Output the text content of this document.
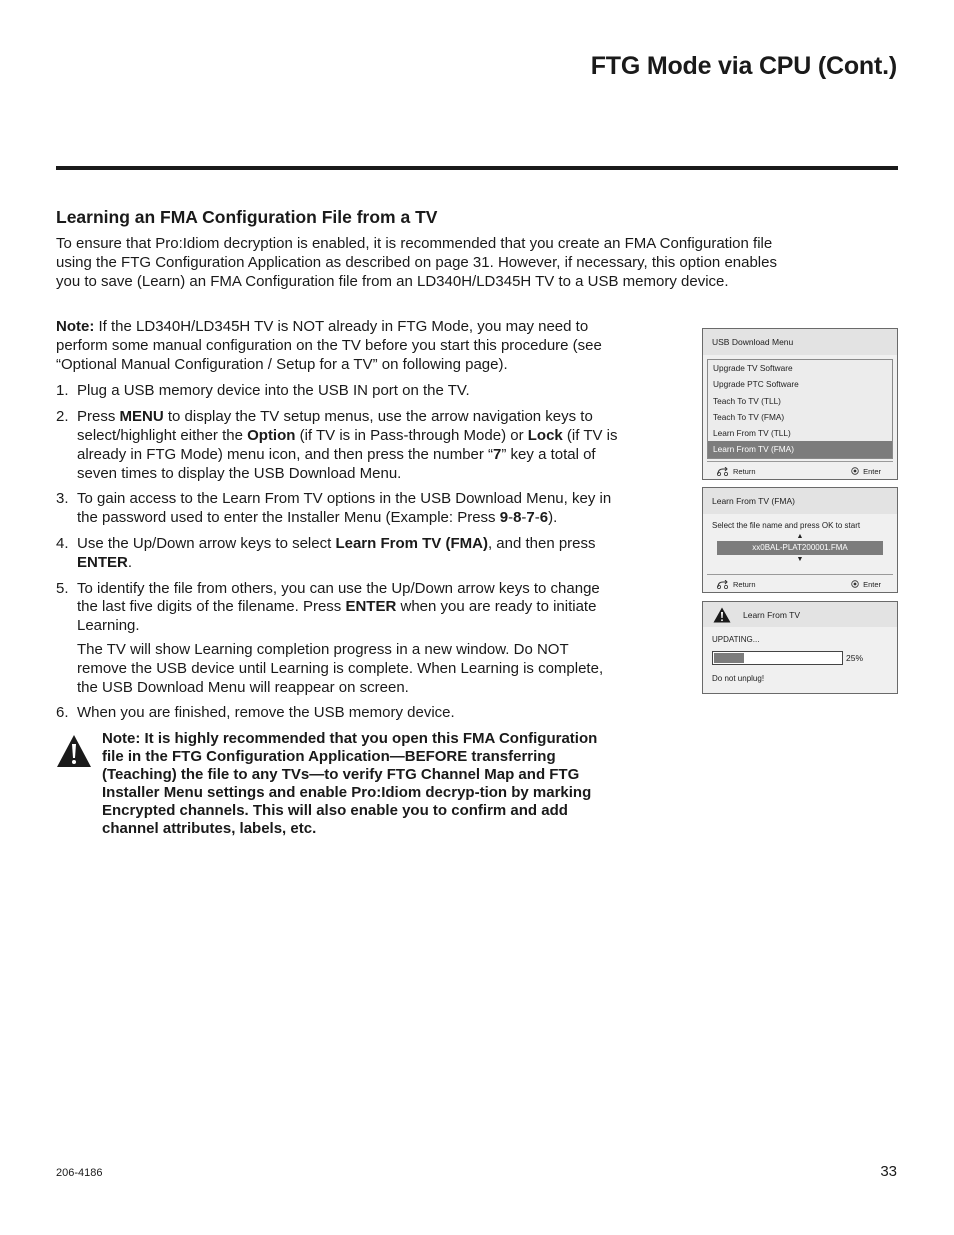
FTG Mode via CPU (Cont.)
Learning an FMA Configuration File from a TV

To ensure that Pro:Idiom decryption is enabled, it is recommended that you create an FMA Configuration file using the FTG Configuration Application as described on page 31. However, if necessary, this option enables you to save (Learn) an FMA Configuration file from an LD340H/LD345H TV to a USB memory device.

Note: If the LD340H/LD345H TV is NOT already in FTG Mode, you may need to perform some manual configuration on the TV before you start this procedure (see “Optional Manual Configuration / Setup for a TV” on following page).

1. Plug a USB memory device into the USB IN port on the TV.

2. Press MENU to display the TV setup menus, use the arrow navigation keys to select/highlight either the Option (if TV is in Pass-through Mode) or Lock (if TV is already in FTG Mode) menu icon, and then press the number “7” key a total of seven times to display the USB Download Menu.

3. To gain access to the Learn From TV options in the USB Download Menu, key in the password used to enter the Installer Menu (Example: Press 9-8-7-6).

4. Use the Up/Down arrow keys to select Learn From TV (FMA), and then press ENTER.

5. To identify the file from others, you can use the Up/Down arrow keys to change the last five digits of the filename. Press ENTER when you are ready to initiate Learning.

The TV will show Learning completion progress in a new window. Do NOT remove the USB device until Learning is complete. When Learning is complete, the USB Download Menu will reappear on screen.

6. When you are finished, remove the USB memory device.

Note: It is highly recommended that you open this FMA Configuration file in the FTG Configuration Application—BEFORE transferring (Teaching) the file to any TVs—to verify FTG Channel Map and FTG Installer Menu settings and enable Pro:Idiom decryp-tion by marking Encrypted channels. This will also enable you to confirm and add channel attributes, labels, etc.

USB Download Menu
Upgrade TV Software
Upgrade PTC Software
Teach To TV (TLL)
Teach To TV (FMA)
Learn From TV (TLL)
Learn From TV (FMA)
Return	Enter
Learn From TV (FMA)
Select the file name and press OK to start
▲
xx0BAL-PLAT200001.FMA
▼
Return	Enter
Learn From TV
UPDATING...
25%
Do not unplug!

206-4186	33
